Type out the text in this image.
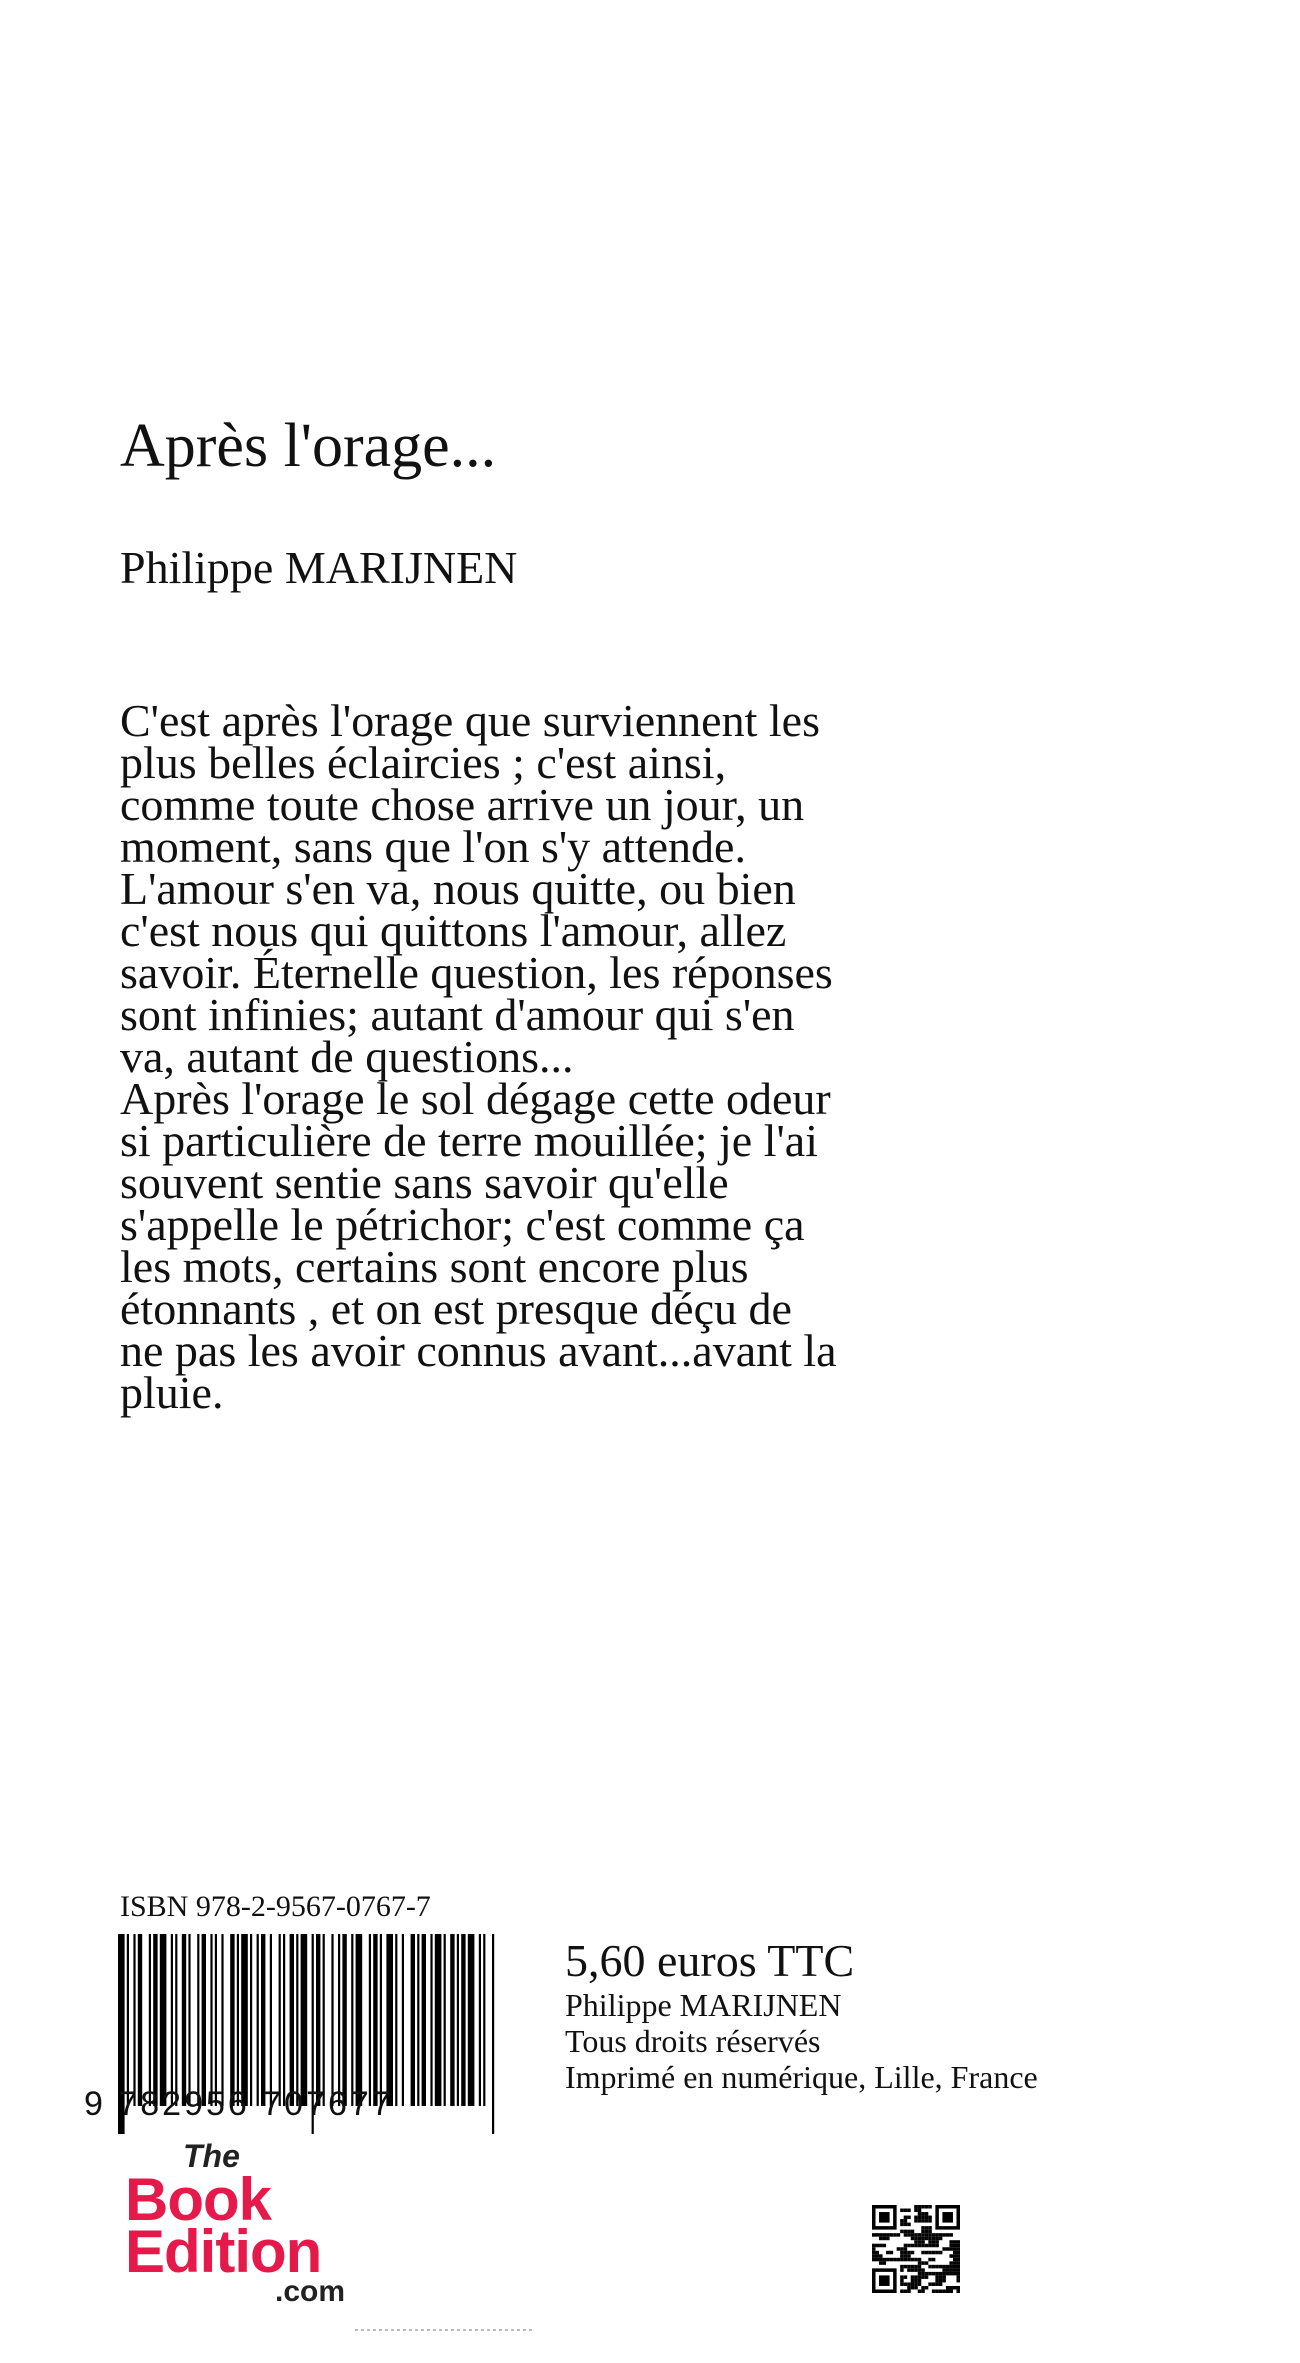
Après l'orage...
Philippe MARIJNEN
C'est après l'orage que surviennent les
plus belles éclaircies ; c'est ainsi,
comme toute chose arrive un jour, un
moment, sans que l'on s'y attende.
L'amour s'en va, nous quitte, ou bien
c'est nous qui quittons l'amour, allez
savoir. Éternelle question, les réponses
sont infinies; autant d'amour qui s'en
va, autant de questions...
Après l'orage le sol dégage cette odeur
si particulière de terre mouillée; je l'ai
souvent sentie sans savoir qu'elle
s'appelle le pétrichor; c'est comme ça
les mots, certains sont encore plus
étonnants , et on est presque déçu de
ne pas les avoir connus avant...avant la
pluie.
ISBN 978-2-9567-0767-7
9 782956 707677
5,60 euros TTC
Philippe MARIJNEN
Tous droits réservés
Imprimé en numérique, Lille, France
The
Book
Edition
.com
